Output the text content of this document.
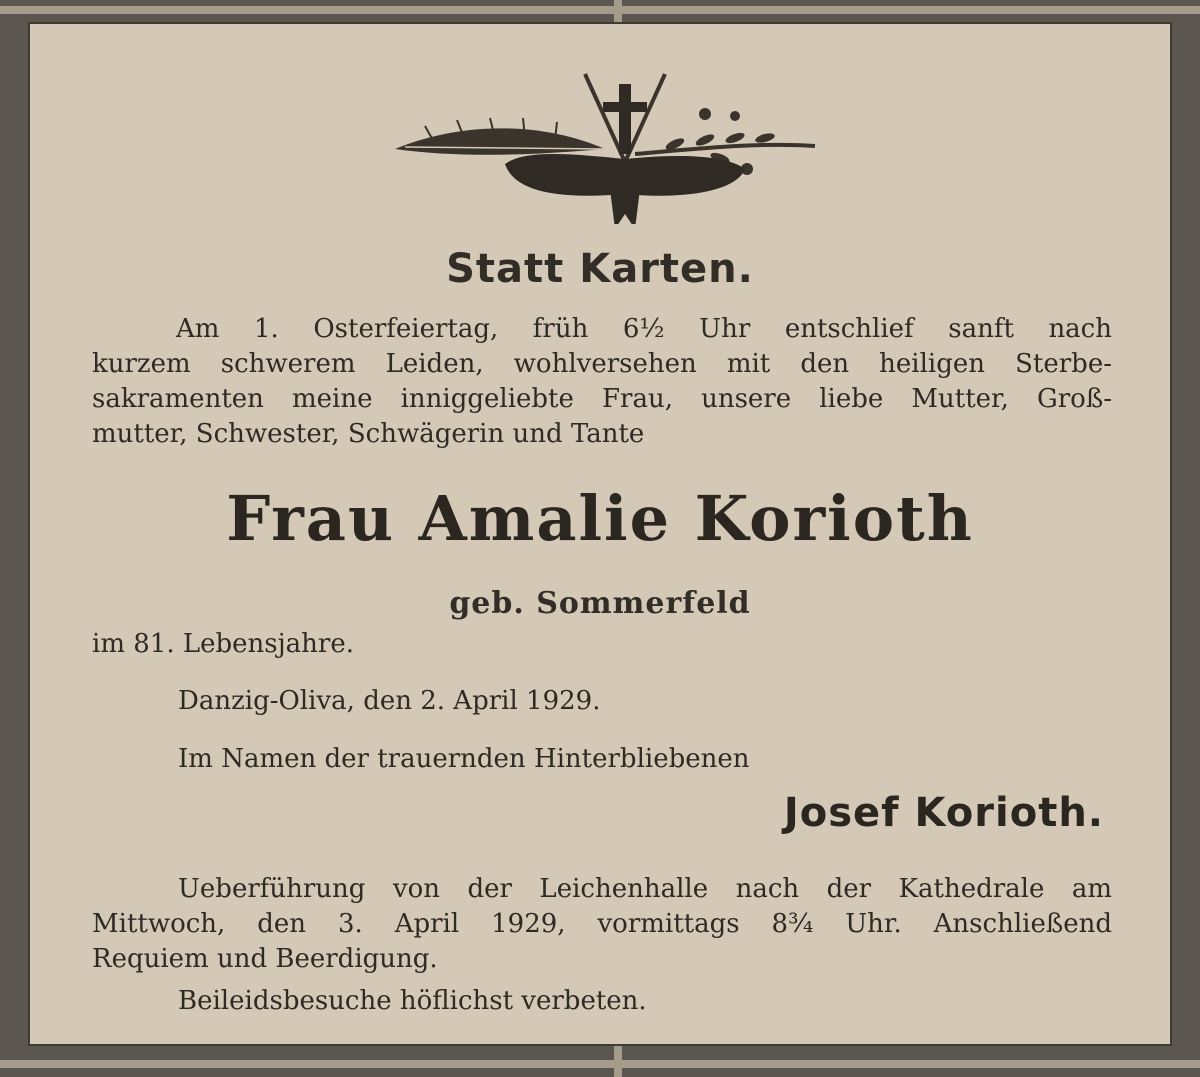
Statt Karten.
Am 1. Osterfeiertag, früh 6½ Uhr entschlief sanft nach
kurzem schwerem Leiden, wohlversehen mit den heiligen Sterbe-
sakramenten meine inniggeliebte Frau, unsere liebe Mutter, Groß-
mutter, Schwester, Schwägerin und Tante
Frau Amalie Korioth
geb. Sommerfeld
im 81. Lebensjahre.
Danzig-Oliva, den 2. April 1929.
Im Namen der trauernden Hinterbliebenen
Josef Korioth.
Ueberführung von der Leichenhalle nach der Kathedrale am
Mittwoch, den 3. April 1929, vormittags 8¾ Uhr. Anschließend
Requiem und Beerdigung.
Beileidsbesuche höflichst verbeten.
